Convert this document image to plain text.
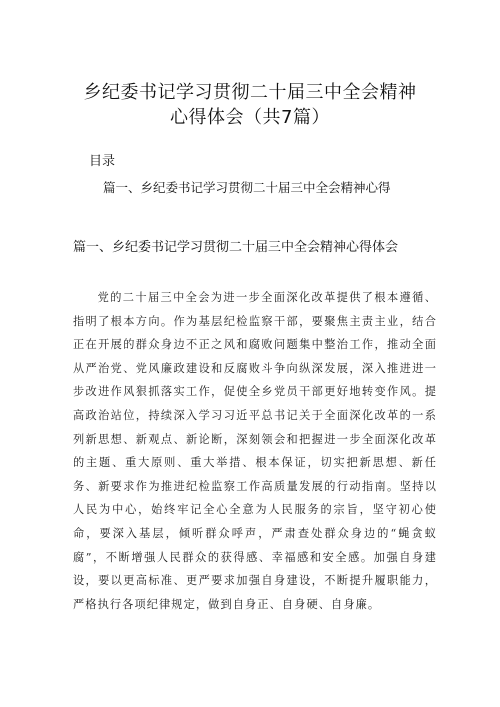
乡纪委书记学习贯彻二十届三中全会精神
心得体会（共7篇）
目录
篇一、乡纪委书记学习贯彻二十届三中全会精神心得
篇一、乡纪委书记学习贯彻二十届三中全会精神心得体会

党的二十届三中全会为进一步全面深化改革提供了根本遵循、指明了根本方向。作为基层纪检监察干部，要聚焦主责主业，结合正在开展的群众身边不正之风和腐败问题集中整治工作，推动全面从严治党、党风廉政建设和反腐败斗争向纵深发展，深入推进进一步改进作风狠抓落实工作，促使全乡党员干部更好地转变作风。提高政治站位，持续深入学习习近平总书记关于全面深化改革的一系列新思想、新观点、新论断，深刻领会和把握进一步全面深化改革的主题、重大原则、重大举措、根本保证，切实把新思想、新任务、新要求作为推进纪检监察工作高质量发展的行动指南。坚持以人民为中心，始终牢记全心全意为人民服务的宗旨，坚守初心使命，要深入基层，倾听群众呼声，严肃查处群众身边的“蝇贪蚁腐”，不断增强人民群众的获得感、幸福感和安全感。加强自身建设，要以更高标准、更严要求加强自身建设，不断提升履职能力，严格执行各项纪律规定，做到自身正、自身硬、自身廉。
